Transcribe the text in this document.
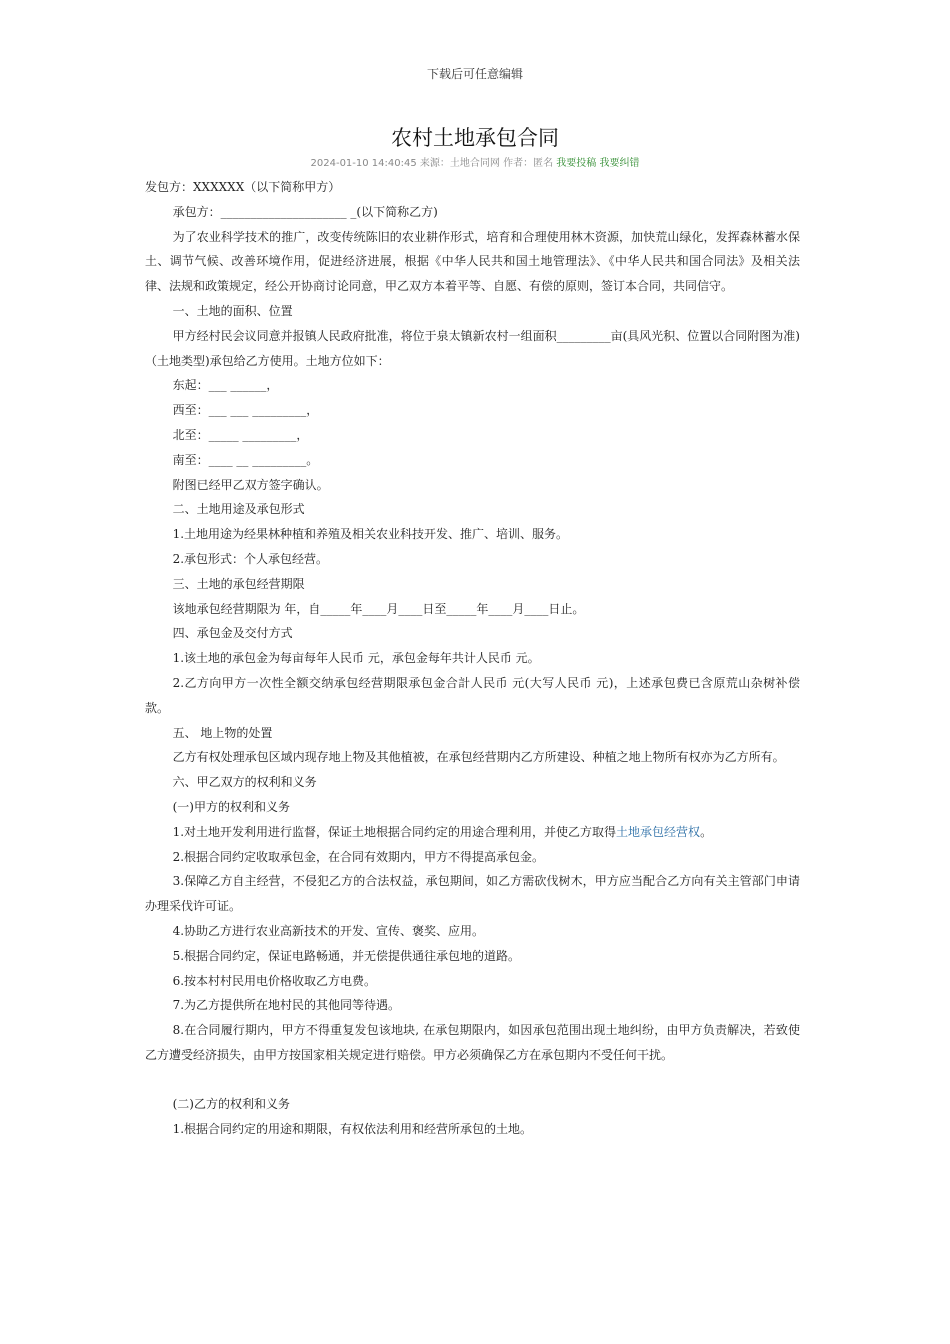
下载后可任意编辑
农村土地承包合同
2024-01-10 14:40:45 来源：土地合同网 作者：匿名 我要投稿 我要纠错

发包方：XXXXXX（以下简称甲方）

承包方：_____________________ _(以下简称乙方)

为了农业科学技术的推广，改变传统陈旧的农业耕作形式，培育和合理使用林木资源，加快荒山绿化，发挥森林蓄水保土、调节气候、改善环境作用，促进经济进展，根据《中华人民共和国土地管理法》、《中华人民共和国合同法》及相关法律、法规和政策规定，经公开协商讨论同意，甲乙双方本着平等、自愿、有偿的原则，签订本合同，共同信守。

一、土地的面积、位置

甲方经村民会议同意并报镇人民政府批准，将位于泉太镇新农村一组面积_________亩(具风光积、位置以合同附图为准)（土地类型)承包给乙方使用。土地方位如下：

东起：___ ______，

西至：___ ___ _________，

北至：_____ _________，

南至：____ __ _________。

附图已经甲乙双方签字确认。

二、土地用途及承包形式

1.土地用途为经果林种植和养殖及相关农业科技开发、推广、培训、服务。

2.承包形式：个人承包经营。

三、土地的承包经营期限

该地承包经营期限为 年，自_____年____月____日至_____年____月____日止。

四、承包金及交付方式

1.该土地的承包金为每亩每年人民币 元，承包金每年共计人民币 元。

2.乙方向甲方一次性全额交纳承包经营期限承包金合計人民币 元(大写人民币 元)，上述承包费已含原荒山杂树补偿款。

五、 地上物的处置

乙方有权处理承包区域内现存地上物及其他植被，在承包经营期内乙方所建设、种植之地上物所有权亦为乙方所有。

六、甲乙双方的权利和义务

(一)甲方的权利和义务

1.对土地开发利用进行监督，保证土地根据合同约定的用途合理利用，并使乙方取得土地承包经营权。

2.根据合同约定收取承包金，在合同有效期内，甲方不得提高承包金。

3.保障乙方自主经营，不侵犯乙方的合法权益，承包期间，如乙方需砍伐树木，甲方应当配合乙方向有关主管部门申请办理采伐许可证。

4.协助乙方进行农业高新技术的开发、宣传、褒奖、应用。

5.根据合同约定，保证电路畅通，并无偿提供通往承包地的道路。

6.按本村村民用电价格收取乙方电费。

7.为乙方提供所在地村民的其他同等待遇。

8.在合同履行期内，甲方不得重复发包该地块, 在承包期限内，如因承包范围出现土地纠纷，由甲方负责解决，若致使乙方遭受经济损失，由甲方按国家相关规定进行赔偿。甲方必须确保乙方在承包期内不受任何干扰。

(二)乙方的权利和义务

1.根据合同约定的用途和期限，有权依法利用和经营所承包的土地。
